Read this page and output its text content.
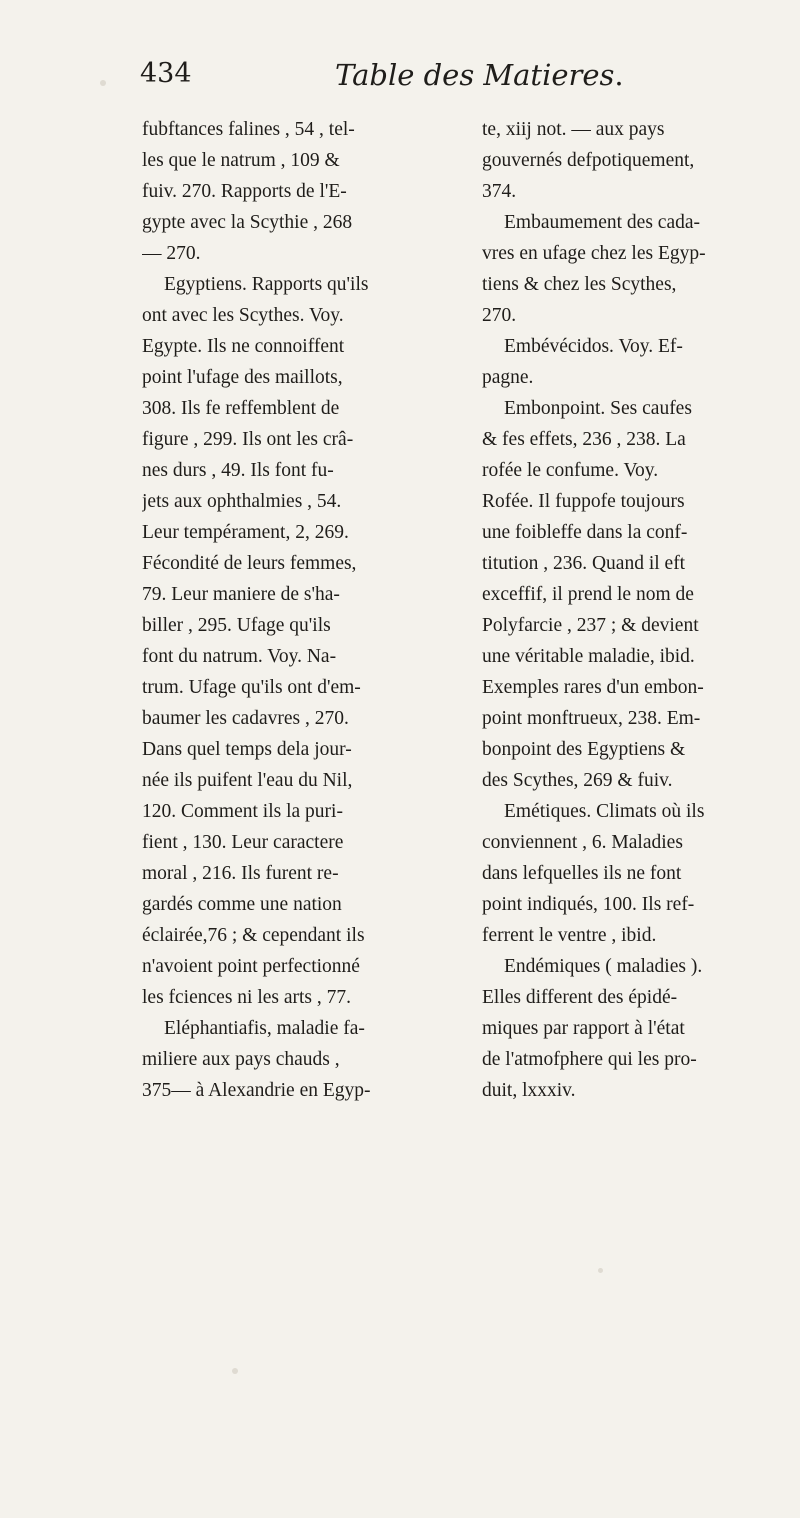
434	Table des Matieres.
fubftances falines , 54 , tel-
les que le natrum , 109 &
fuiv. 270. Rapports de l'E-
gypte avec la Scythie , 268
— 270.
Egyptiens. Rapports qu'ils
ont avec les Scythes. Voy.
Egypte. Ils ne connoiffent
point l'ufage des maillots,
308. Ils fe reffemblent de
figure , 299. Ils ont les crâ-
nes durs , 49. Ils font fu-
jets aux ophthalmies , 54.
Leur tempérament, 2, 269.
Fécondité de leurs femmes,
79. Leur maniere de s'ha-
biller , 295. Ufage qu'ils
font du natrum. Voy. Na-
trum. Ufage qu'ils ont d'em-
baumer les cadavres , 270.
Dans quel temps dela jour-
née ils puifent l'eau du Nil,
120. Comment ils la puri-
fient , 130. Leur caractere
moral , 216. Ils furent re-
gardés comme une nation
éclairée,76 ; & cependant ils
n'avoient point perfectionné
les fciences ni les arts , 77.
Eléphantiafis, maladie fa-
miliere aux pays chauds ,
375— à Alexandrie en Egyp-
te, xiij not. — aux pays
gouvernés defpotiquement,
374.
Embaumement des cada-
vres en ufage chez les Egyp-
tiens & chez les Scythes,
270.
Embévécidos. Voy. Ef-
pagne.
Embonpoint. Ses caufes
& fes effets, 236 , 238. La
rofée le confume. Voy.
Rofée. Il fuppofe toujours
une foibleffe dans la conf-
titution , 236. Quand il eft
exceffif, il prend le nom de
Polyfarcie , 237 ; & devient
une véritable maladie, ibid.
Exemples rares d'un embon-
point monftrueux, 238. Em-
bonpoint des Egyptiens &
des Scythes, 269 & fuiv.
Emétiques. Climats où ils
conviennent , 6. Maladies
dans lefquelles ils ne font
point indiqués, 100. Ils ref-
ferrent le ventre , ibid.
Endémiques ( maladies ).
Elles different des épidé-
miques par rapport à l'état
de l'atmofphere qui les pro-
duit, lxxxiv.
